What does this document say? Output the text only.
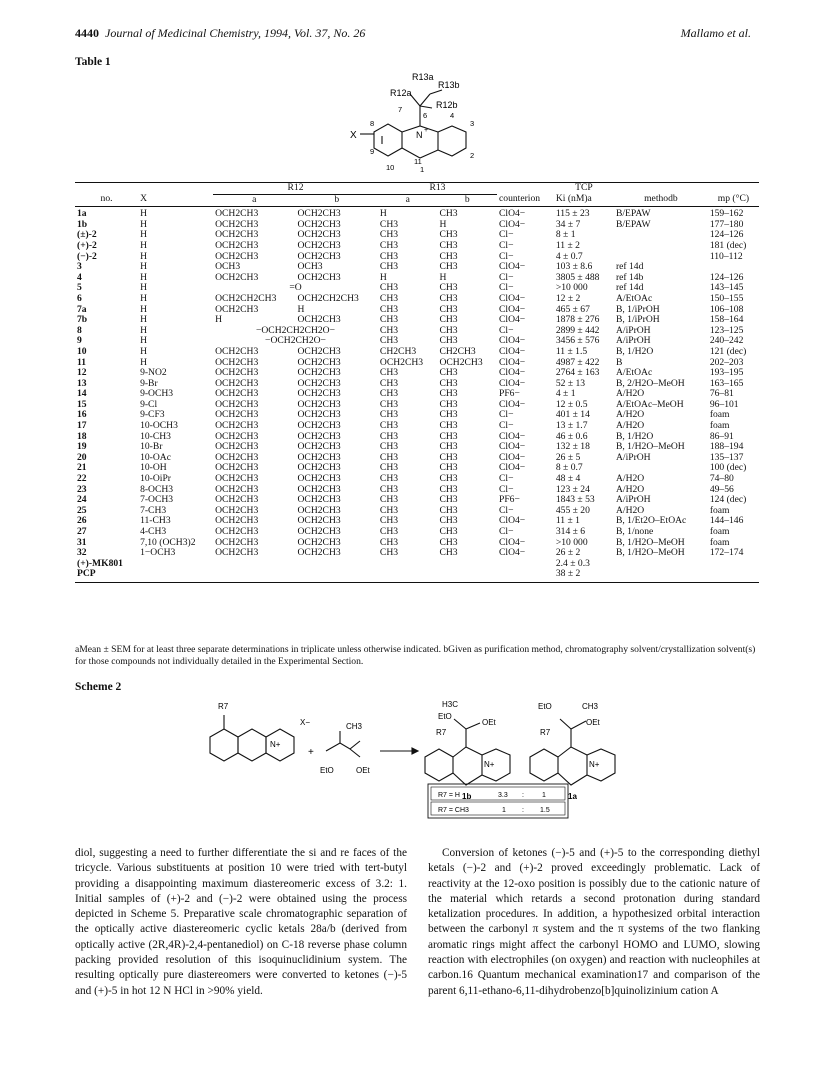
4440 Journal of Medicinal Chemistry, 1994, Vol. 37, No. 26	Mallamo et al.
Table 1
R13a
R13b
R12a
R12b
N +
X
1
2
3
4
6
7
8
9
10
11
		R12		R13			TCP		
no.	X	a	b	a	b	counterion	Ki (nM)a	methodb	mp (°C)
1a	H	OCH2CH3	OCH2CH3	H	CH3	ClO4−	115 ± 23	B/EPAW	159–162
1b	H	OCH2CH3	OCH2CH3	CH3	H	ClO4−	34 ± 7	B/EPAW	177–180
(±)-2	H	OCH2CH3	OCH2CH3	CH3	CH3	Cl−	8 ± 1		124–126
(+)-2	H	OCH2CH3	OCH2CH3	CH3	CH3	Cl−	11 ± 2		181 (dec)
(−)-2	H	OCH2CH3	OCH2CH3	CH3	CH3	Cl−	4 ± 0.7		110–112
3	H	OCH3	OCH3	CH3	CH3	ClO4−	103 ± 8.6	ref 14d	
4	H	OCH2CH3	OCH2CH3	H	H	Cl−	3805 ± 488	ref 14b	124–126
5	H	=O		CH3	CH3	Cl−	>10 000	ref 14d	143–145
6	H	OCH2CH2CH3	OCH2CH2CH3	CH3	CH3	ClO4−	12 ± 2	A/EtOAc	150–155
7a	H	OCH2CH3	H	CH3	CH3	ClO4−	465 ± 67	B, 1/iPrOH	106–108
7b	H	H	OCH2CH3	CH3	CH3	ClO4−	1878 ± 276	B, 1/iPrOH	158–164
8	H	−OCH2CH2CH2O−		CH3	CH3	Cl−	2899 ± 442	A/iPrOH	123–125
9	H	−OCH2CH2O−		CH3	CH3	ClO4−	3456 ± 576	A/iPrOH	240–242
10	H	OCH2CH3	OCH2CH3	CH2CH3	CH2CH3	ClO4−	11 ± 1.5	B, 1/H2O	121 (dec)
11	H	OCH2CH3	OCH2CH3	OCH2CH3	OCH2CH3	ClO4−	4987 ± 422	B	202–203
12	9-NO2	OCH2CH3	OCH2CH3	CH3	CH3	ClO4−	2764 ± 163	A/EtOAc	193–195
13	9-Br	OCH2CH3	OCH2CH3	CH3	CH3	ClO4−	52 ± 13	B, 2/H2O–MeOH	163–165
14	9-OCH3	OCH2CH3	OCH2CH3	CH3	CH3	PF6−	4 ± 1	A/H2O	76–81
15	9-Cl	OCH2CH3	OCH2CH3	CH3	CH3	ClO4−	12 ± 0.5	A/EtOAc–MeOH	96–101
16	9-CF3	OCH2CH3	OCH2CH3	CH3	CH3	Cl−	401 ± 14	A/H2O	foam
17	10-OCH3	OCH2CH3	OCH2CH3	CH3	CH3	Cl−	13 ± 1.7	A/H2O	foam
18	10-CH3	OCH2CH3	OCH2CH3	CH3	CH3	ClO4−	46 ± 0.6	B, 1/H2O	86–91
19	10-Br	OCH2CH3	OCH2CH3	CH3	CH3	ClO4−	132 ± 18	B, 1/H2O–MeOH	188–194
20	10-OAc	OCH2CH3	OCH2CH3	CH3	CH3	ClO4−	26 ± 5	A/iPrOH	135–137
21	10-OH	OCH2CH3	OCH2CH3	CH3	CH3	ClO4−	8 ± 0.7		100 (dec)
22	10-OiPr	OCH2CH3	OCH2CH3	CH3	CH3	Cl−	48 ± 4	A/H2O	74–80
23	8-OCH3	OCH2CH3	OCH2CH3	CH3	CH3	Cl−	123 ± 24	A/H2O	49–56
24	7-OCH3	OCH2CH3	OCH2CH3	CH3	CH3	PF6−	1843 ± 53	A/iPrOH	124 (dec)
25	7-CH3	OCH2CH3	OCH2CH3	CH3	CH3	Cl−	455 ± 20	A/H2O	foam
26	11-CH3	OCH2CH3	OCH2CH3	CH3	CH3	ClO4−	11 ± 1	B, 1/Et2O–EtOAc	144–146
27	4-CH3	OCH2CH3	OCH2CH3	CH3	CH3	Cl−	314 ± 6	B, 1/none	foam
31	7,10 (OCH3)2	OCH2CH3	OCH2CH3	CH3	CH3	ClO4−	>10 000	B, 1/H2O–MeOH	foam
32	1−OCH3	OCH2CH3	OCH2CH3	CH3	CH3	ClO4−	26 ± 2	B, 1/H2O–MeOH	172–174
(+)-MK801							2.4 ± 0.3		
PCP							38 ± 2		
aMean ± SEM for at least three separate determinations in triplicate unless otherwise indicated. bGiven as purification method, chromatography solvent/crystallization solvent(s) for those compounds not individually detailed in the Experimental Section.
Scheme 2
R7
N+
X−
+
CH3
EtO	OEt
H3C
EtO
OEt
R7
N+
1b
EtO	CH3
OEt
R7
N+
1a
R7 = H	3.3 :	1
R7 = CH3	1 : 1.5
diol, suggesting a need to further differentiate the si and re faces of the tricycle. Various substituents at position 10 were tried with tert-butyl providing a disappointing maximum diastereomeric excess of 3.2: 1. Initial samples of (+)-2 and (−)-2 were obtained using the process depicted in Scheme 5. Preparative scale chromatographic separation of the optically active diastereomeric cyclic ketals 28a/b (derived from optically active (2R,4R)-2,4-pentanediol) on C-18 reverse phase column packing provided resolution of this isoquinuclidinium system. The resulting optically pure diastereomers were converted to ketones (−)-5 and (+)-5 in hot 12 N HCl in >90% yield.
Conversion of ketones (−)-5 and (+)-5 to the corresponding diethyl ketals (−)-2 and (+)-2 proved exceedingly problematic. Lack of reactivity at the 12-oxo position is possibly due to the cationic nature of the material which retards a second protonation during standard ketalization procedures. In addition, a hypothesized orbital interaction between the carbonyl π system and the π systems of the two flanking aromatic rings might affect the carbonyl HOMO and LUMO, slowing reaction with electrophiles (on oxygen) and reaction with nucleophiles at carbon.16 Quantum mechanical examination17 and comparison of the parent 6,11-ethano-6,11-dihydrobenzo[b]quinolizinium cation A
